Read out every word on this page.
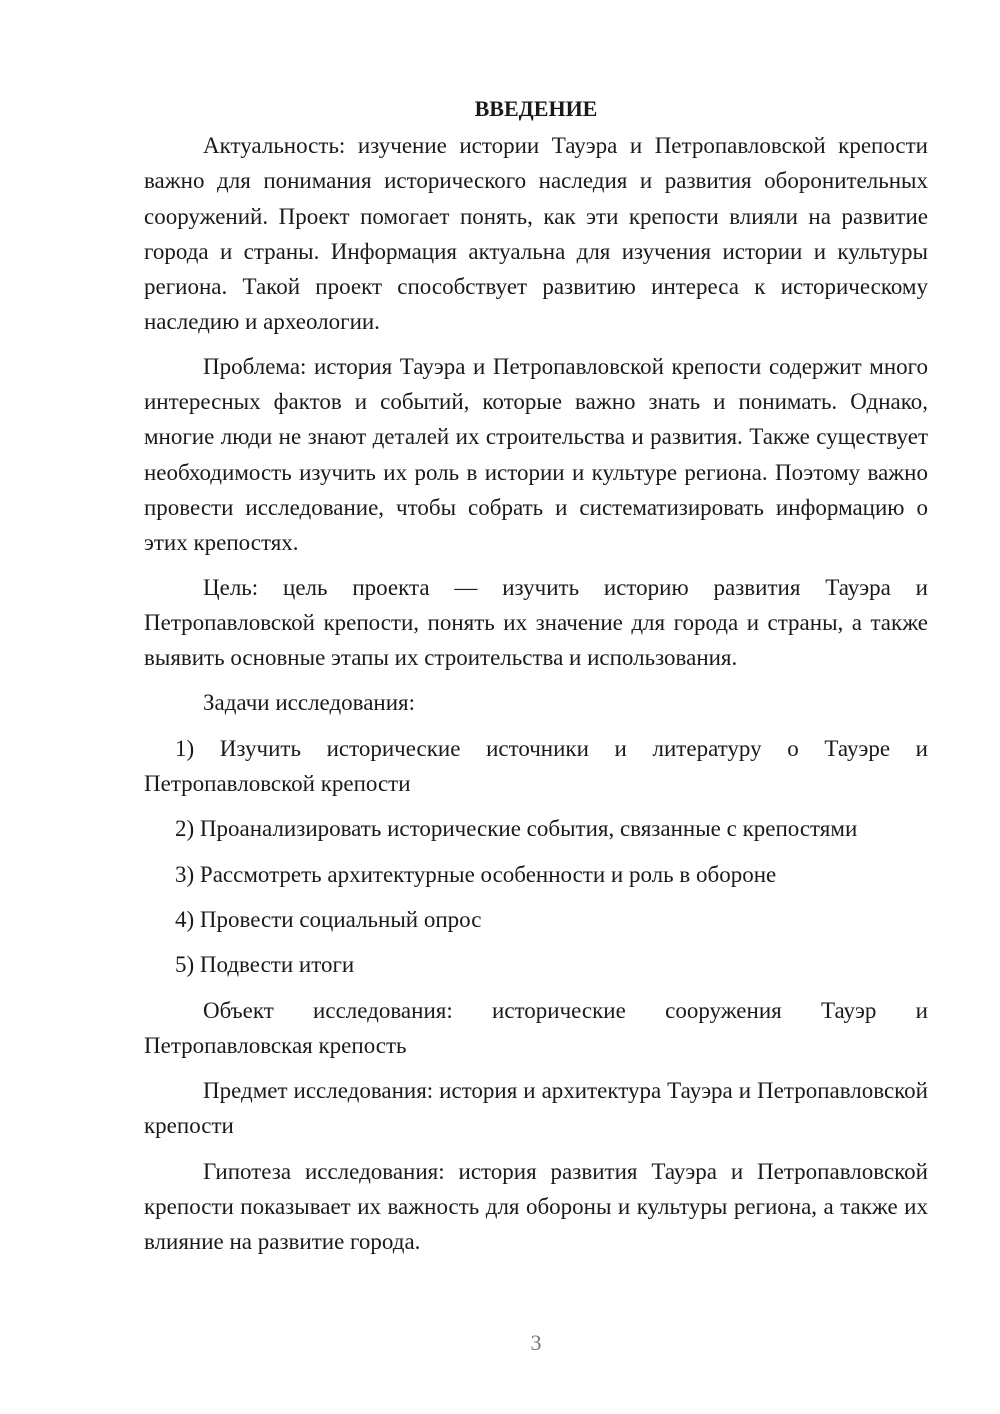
ВВЕДЕНИЕ

Актуальность: изучение истории Тауэра и Петропавловской крепости важно для понимания исторического наследия и развития оборонительных сооружений. Проект помогает понять, как эти крепости влияли на развитие города и страны. Информация актуальна для изучения истории и культуры региона. Такой проект способствует развитию интереса к историческому наследию и археологии.

Проблема: история Тауэра и Петропавловской крепости содержит много интересных фактов и событий, которые важно знать и понимать. Однако, многие люди не знают деталей их строительства и развития. Также существует необходимость изучить их роль в истории и культуре региона. Поэтому важно провести исследование, чтобы собрать и систематизировать информацию о этих крепостях.

Цель: цель проекта — изучить историю развития Тауэра и Петропавловской крепости, понять их значение для города и страны, а также выявить основные этапы их строительства и использования.

Задачи исследования:

1) Изучить исторические источники и литературу о Тауэре и Петропавловской крепости

2) Проанализировать исторические события, связанные с крепостями

3) Рассмотреть архитектурные особенности и роль в обороне

4) Провести социальный опрос

5) Подвести итоги

Объект исследования: исторические сооружения Тауэр и Петропавловская крепость

Предмет исследования: история и архитектура Тауэра и Петропавловской крепости

Гипотеза исследования: история развития Тауэра и Петропавловской крепости показывает их важность для обороны и культуры региона, а также их влияние на развитие города.

3
